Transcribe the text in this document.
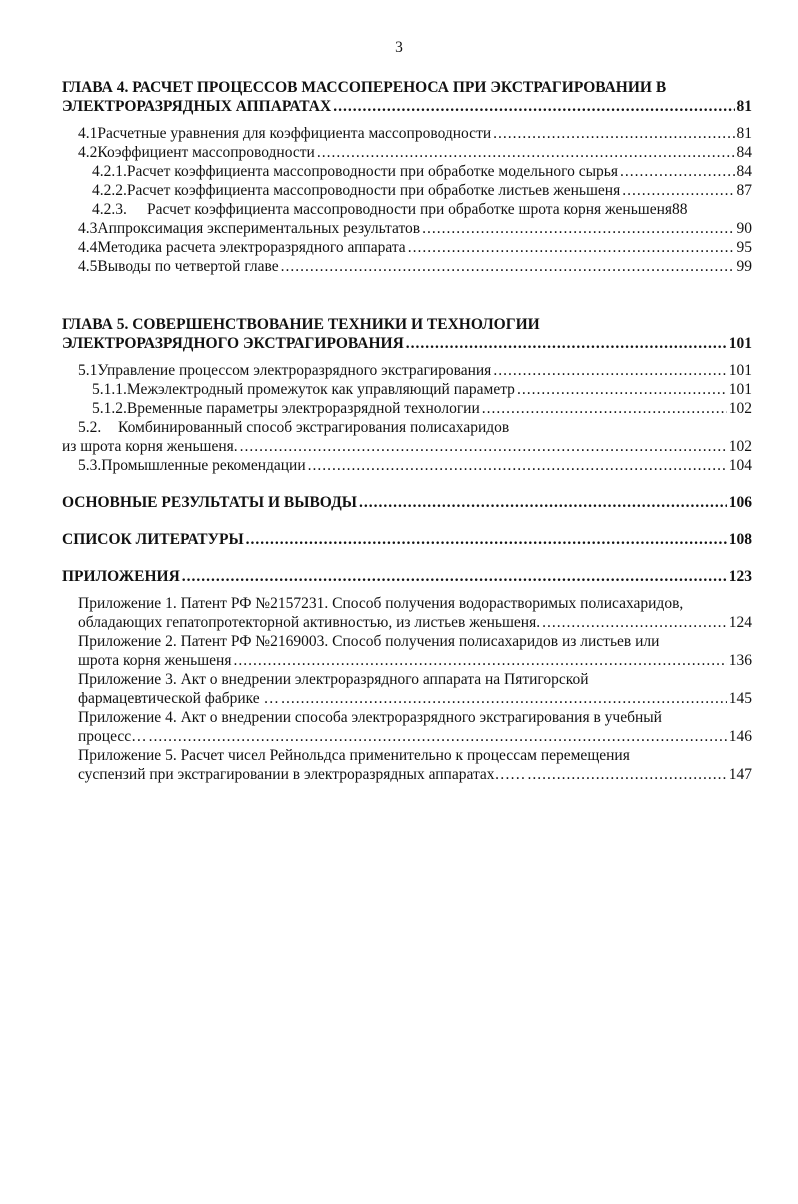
3
ГЛАВА 4. РАСЧЕТ ПРОЦЕССОВ МАССОПЕРЕНОСА ПРИ ЭКСТРАГИРОВАНИИ В
ЭЛЕКТРОРАЗРЯДНЫХ АППАРАТАХ .....	81
4.1 Расчетные уравнения для коэффициента массопроводности .....	81
4.2 Коэффициент массопроводности .....	84
4.2.1. Расчет коэффициента массопроводности при обработке модельного сырья .....	84
4.2.2. Расчет коэффициента массопроводности при обработке листьев женьшеня .....	87
4.2.3.	Расчет коэффициента массопроводности при обработке шрота корня женьшеня 88
4.3 Аппроксимация экспериментальных результатов .....	90
4.4 Методика расчета электроразрядного аппарата .....	95
4.5 Выводы по четвертой главе .....	99
ГЛАВА 5. СОВЕРШЕНСТВОВАНИЕ ТЕХНИКИ И ТЕХНОЛОГИИ
ЭЛЕКТРОРАЗРЯДНОГО ЭКСТРАГИРОВАНИЯ .....	101
5.1 Управление процессом электроразрядного экстрагирования .....	101
5.1.1. Межэлектродный промежуток как управляющий параметр .....	101
5.1.2. Временные параметры электроразрядной технологии .....	102
5.2.	Комбинированный способ экстрагирования полисахаридов
из шрота корня женьшеня. .....	102
5.3. Промышленные рекомендации .....	104
ОСНОВНЫЕ РЕЗУЛЬТАТЫ И ВЫВОДЫ .....	106
СПИСОК ЛИТЕРАТУРЫ .....	108
ПРИЛОЖЕНИЯ .....	123
Приложение 1. Патент РФ №2157231. Способ получения водорастворимых полисахаридов,
обладающих гепатопротекторной активностью, из листьев женьшеня. .....	124
Приложение 2. Патент РФ №2169003. Способ получения полисахаридов из листьев или
шрота корня женьшеня .....	136
Приложение 3. Акт о внедрении электроразрядного аппарата на Пятигорской
фармацевтической фабрике … .....	145
Приложение 4. Акт о внедрении способа электроразрядного экстрагирования в учебный
процесс… .....	146
Приложение 5. Расчет чисел Рейнольдса применительно к процессам перемещения
суспензий при экстрагировании в электроразрядных аппаратах…… .....	147
